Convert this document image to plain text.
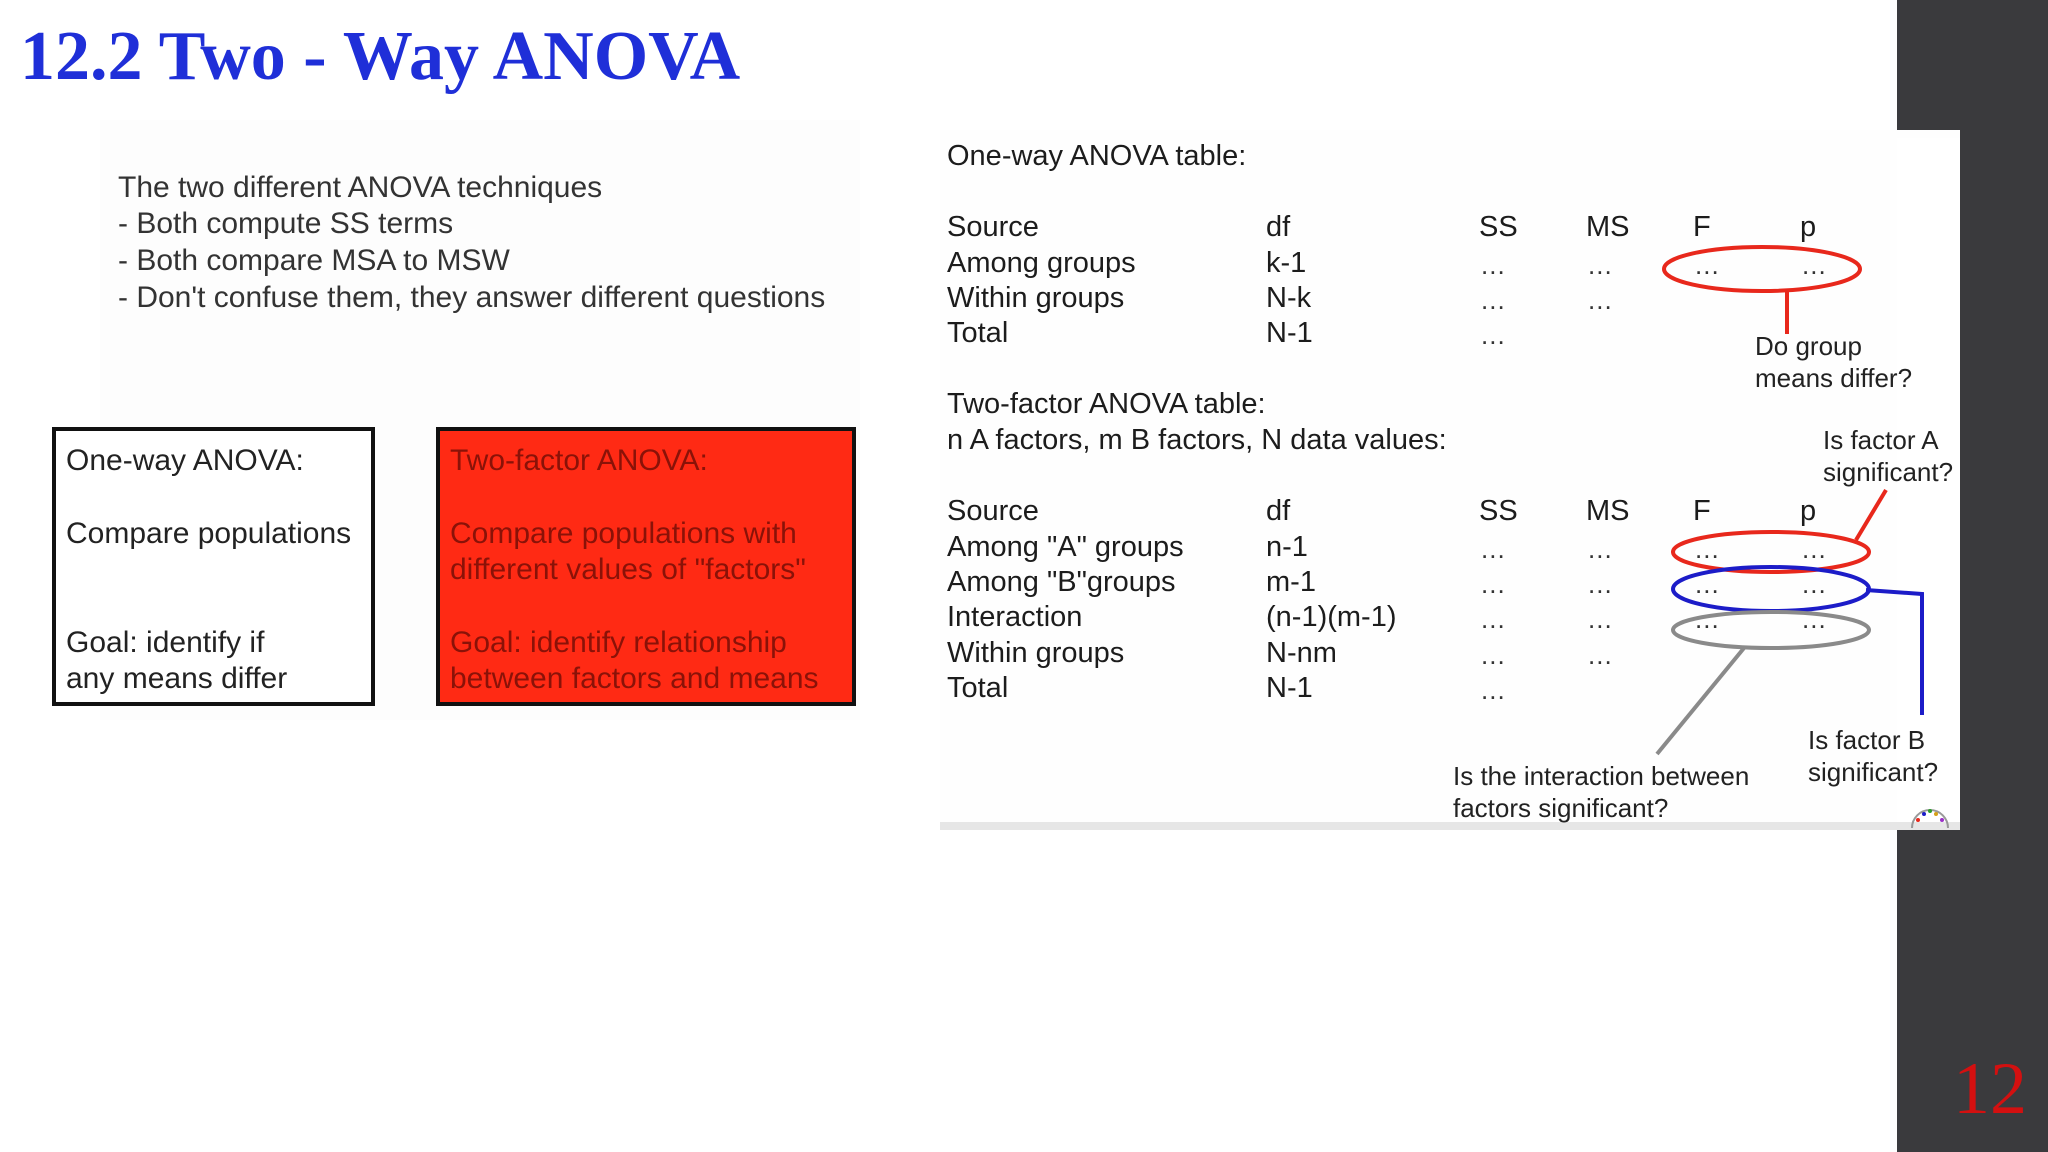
12.2 Two - Way ANOVA
12
The two different ANOVA techniques
- Both compute SS terms
- Both compare MSA to MSW
- Don't confuse them, they answer different questions
One-way ANOVA:
Compare populations
Goal: identify if
any means differ
Two-factor ANOVA:
Compare populations with
different values of "factors"
Goal: identify relationship
between factors and means
One-way ANOVA table:
Source	df	SS MS F	p
Among groups	k-1	...	...	...	...
Within groups	N-k	...	...
Total	N-1	...	Do group
means differ?
Two-factor ANOVA table:
n A factors, m B factors, N data values:	Is factor A
significant?
Source	df	SS MS F	p
Among "A" groups	n-1	...	...	...	...
Among "B"groups	m-1	...	...	...	...
Interaction	(n-1)(m-1)	...	...	...	...
Within groups	N-nm	...	...
Total	N-1	...
Is factor B
significant?
Is the interaction between
factors significant?
